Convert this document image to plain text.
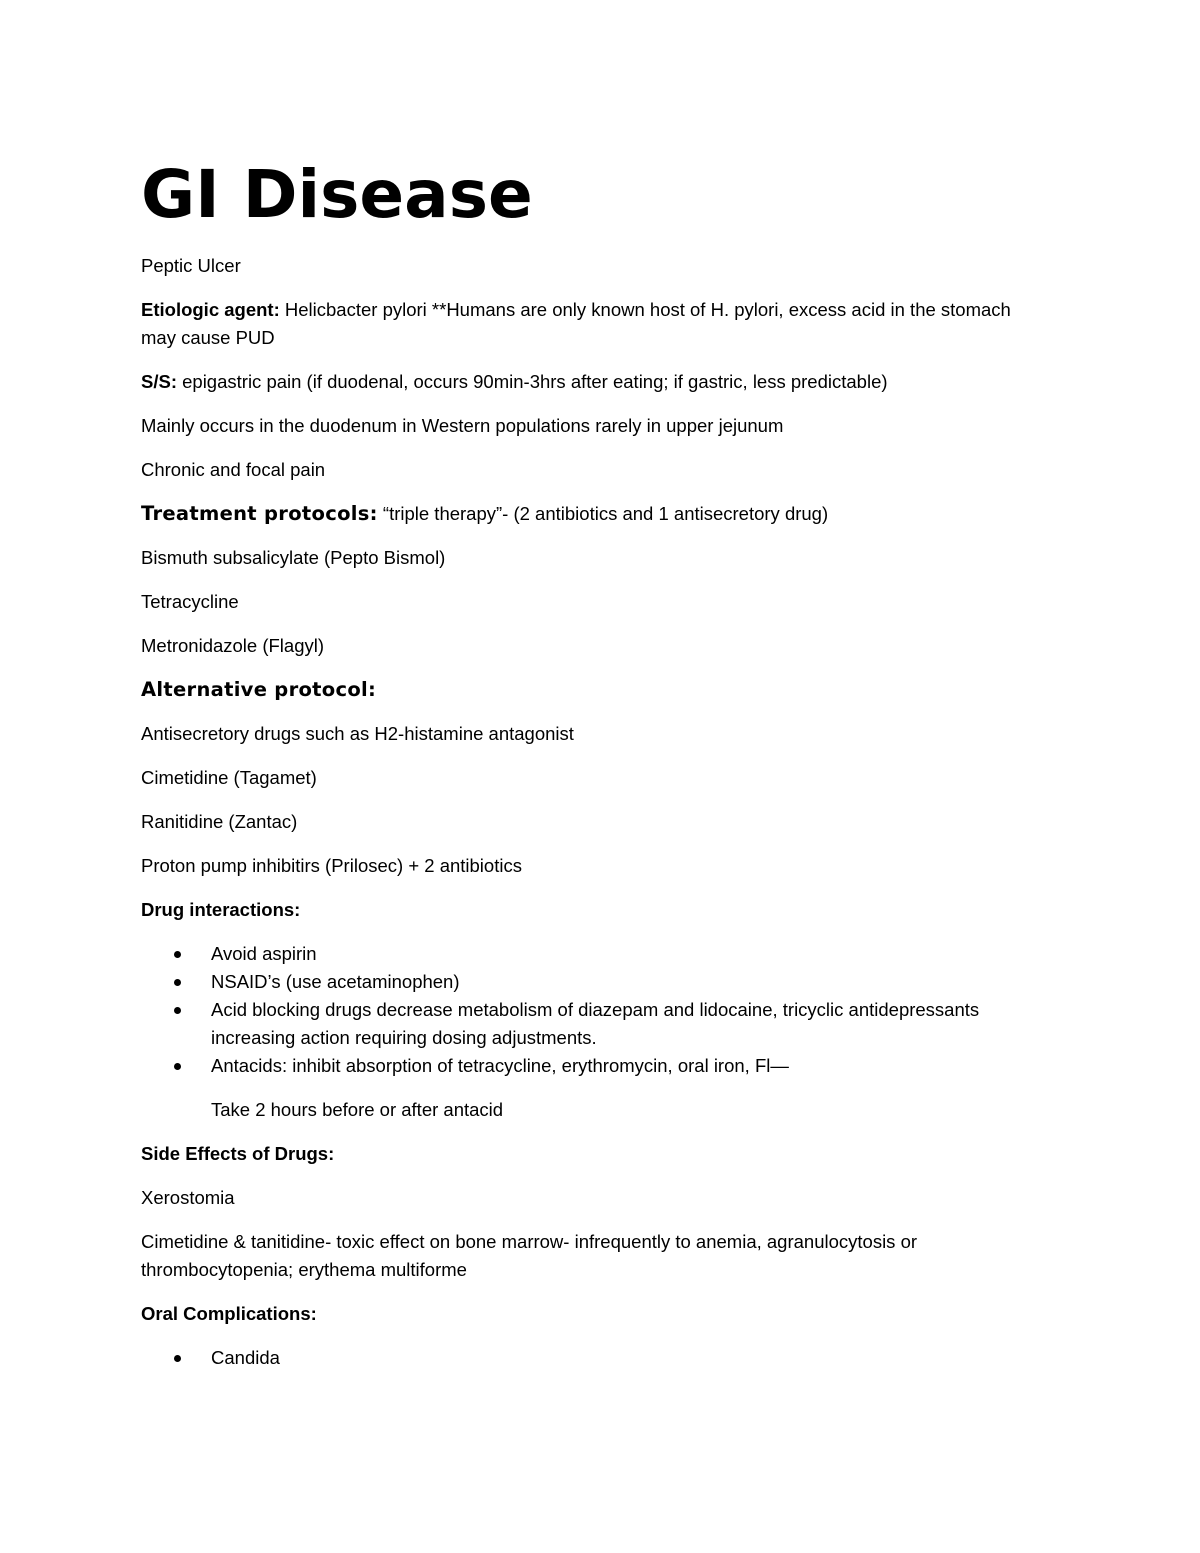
GI Disease
Peptic Ulcer
Etiologic agent: Helicbacter pylori **Humans are only known host of H. pylori, excess acid in the stomach may cause PUD
S/S: epigastric pain (if duodenal, occurs 90min-3hrs after eating; if gastric, less predictable)
Mainly occurs in the duodenum in Western populations rarely in upper jejunum
Chronic and focal pain
Treatment protocols: “triple therapy”- (2 antibiotics and 1 antisecretory drug)
Bismuth subsalicylate (Pepto Bismol)
Tetracycline
Metronidazole (Flagyl)
Alternative protocol:
Antisecretory drugs such as H2-histamine antagonist
Cimetidine (Tagamet)
Ranitidine (Zantac)
Proton pump inhibitirs (Prilosec) + 2 antibiotics
Drug interactions:
Avoid aspirin
NSAID’s (use acetaminophen)
Acid blocking drugs decrease metabolism of diazepam and lidocaine, tricyclic antidepressants increasing action requiring dosing adjustments.
Antacids: inhibit absorption of tetracycline, erythromycin, oral iron, Fl—
Take 2 hours before or after antacid
Side Effects of Drugs:
Xerostomia
Cimetidine & tanitidine- toxic effect on bone marrow- infrequently to anemia, agranulocytosis or thrombocytopenia; erythema multiforme
Oral Complications:
Candida
